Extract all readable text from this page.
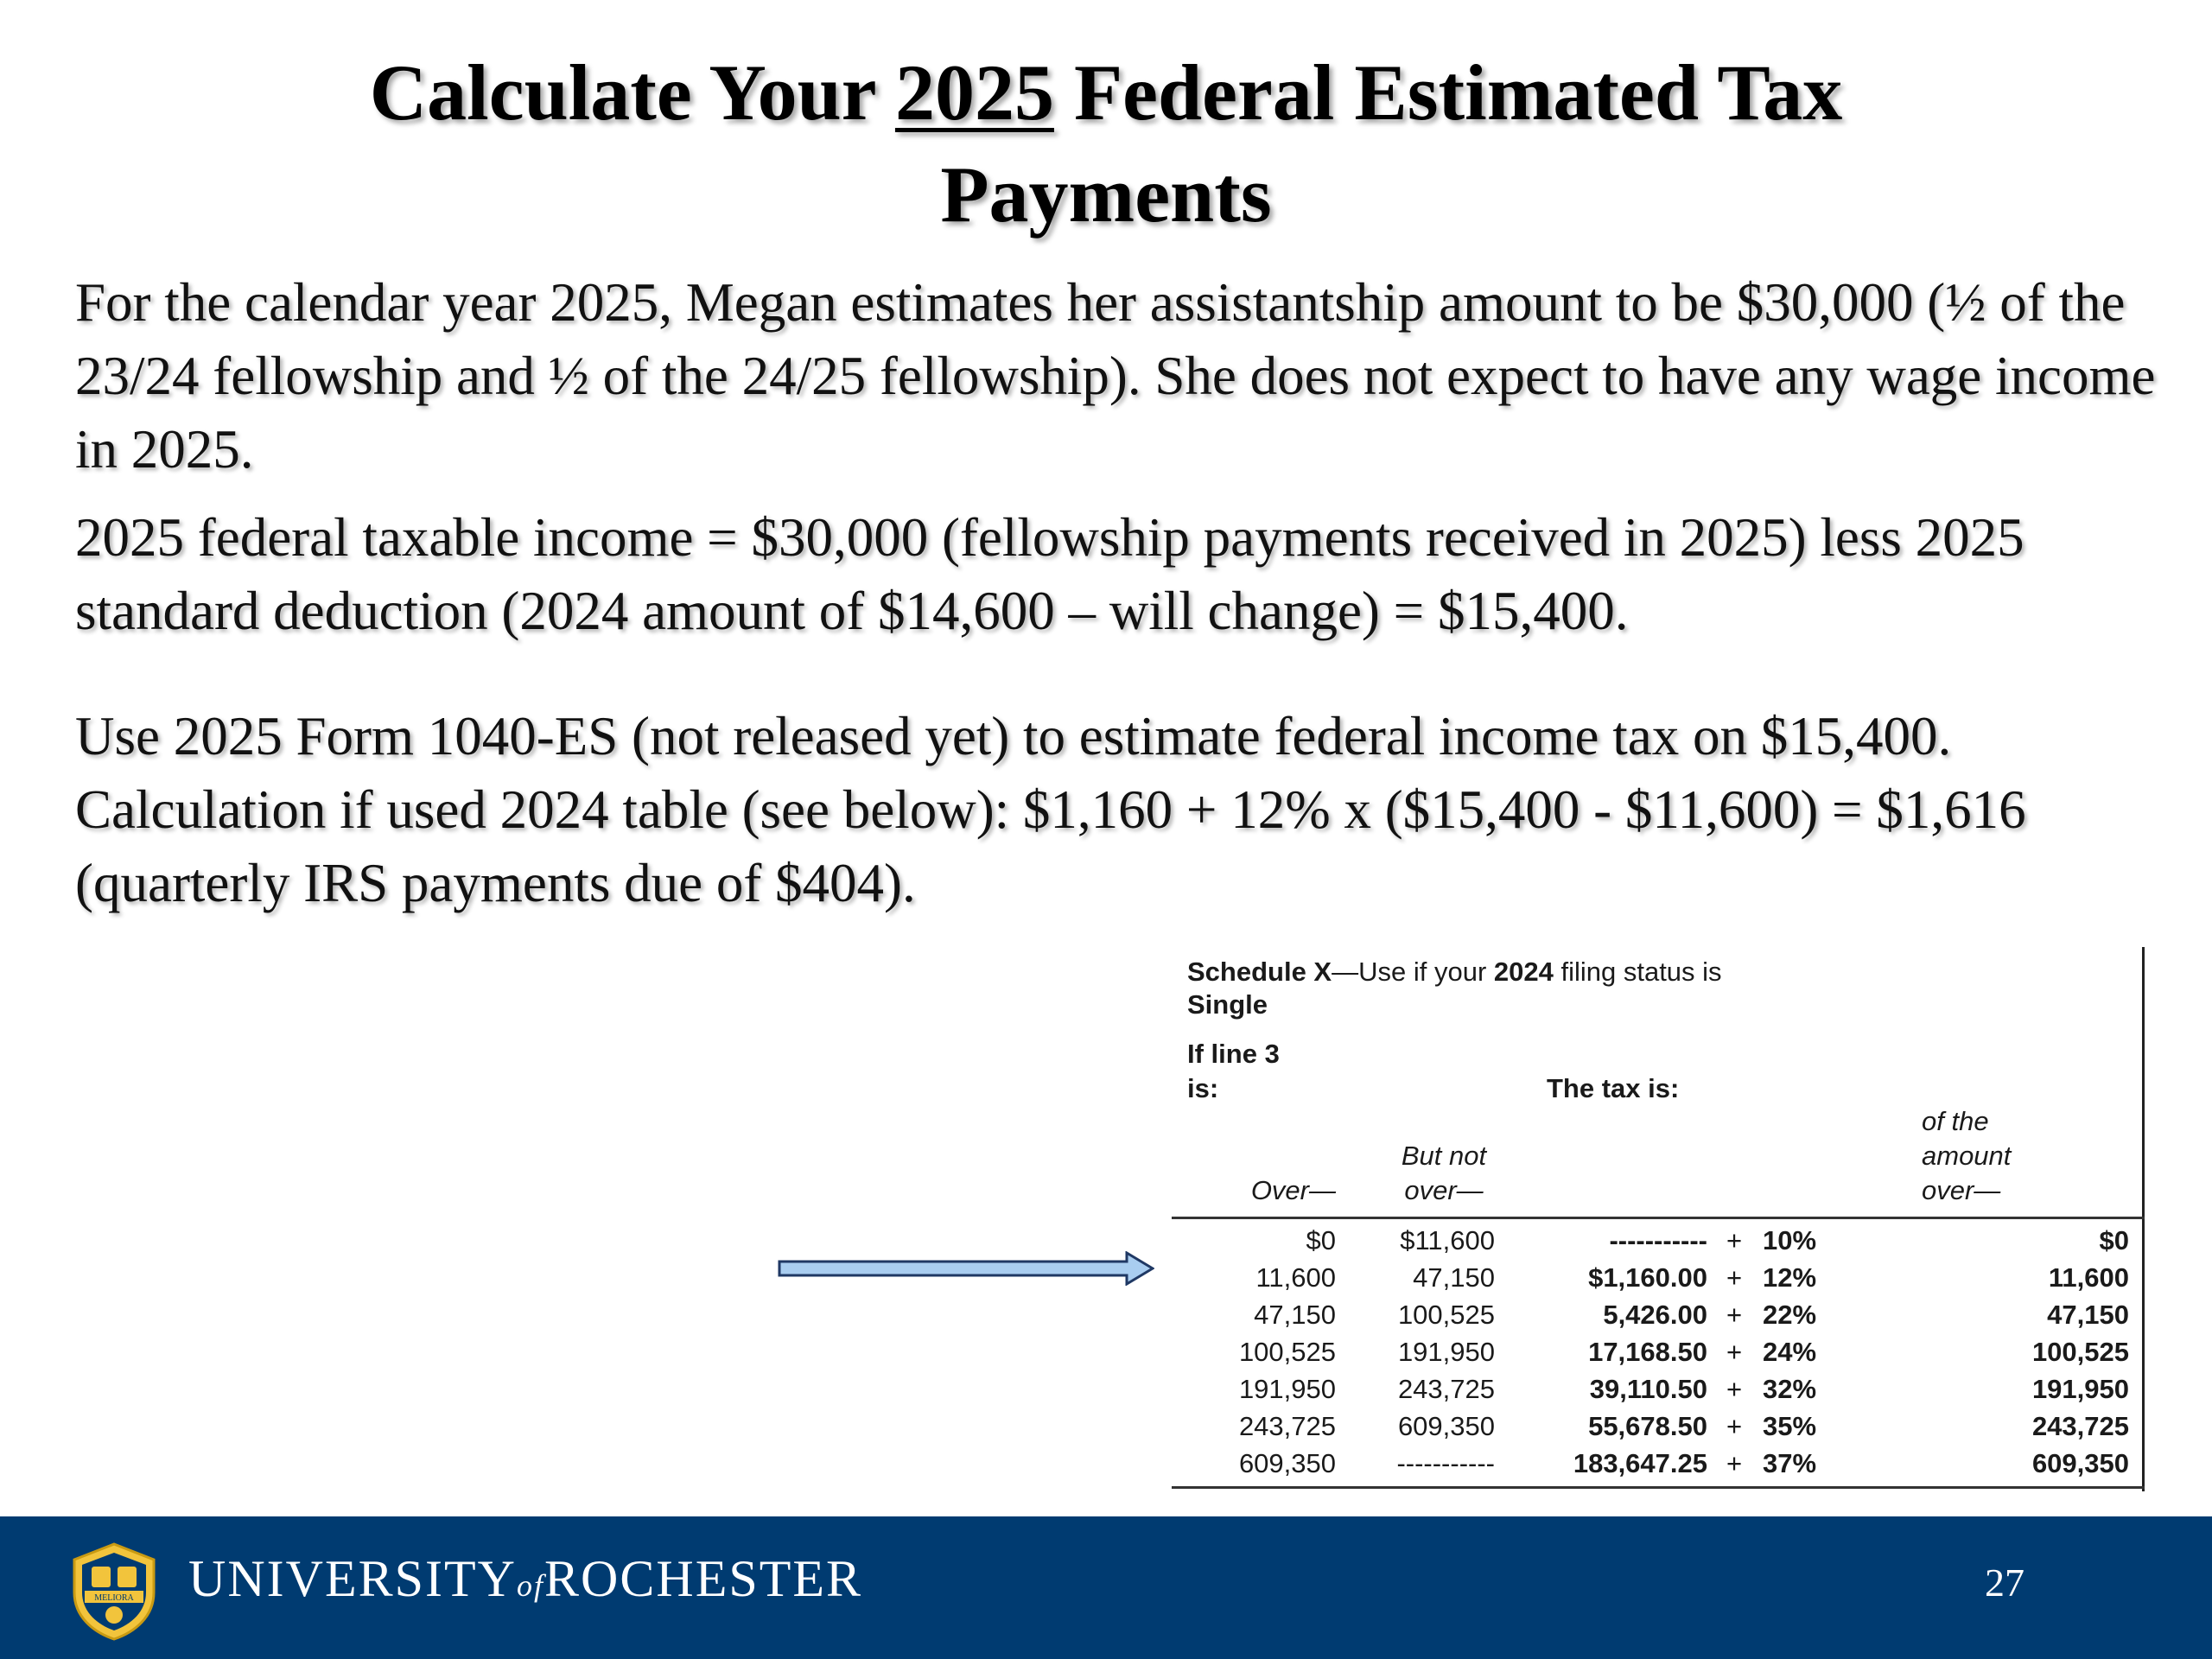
Calculate Your 2025 Federal Estimated Tax
Payments

For the calendar year 2025, Megan estimates her assistantship amount to be $30,000 (½ of the 23/24 fellowship and ½ of the 24/25 fellowship). She does not expect to have any wage income in 2025.

2025 federal taxable income = $30,000 (fellowship payments received in 2025) less 2025 standard deduction (2024 amount of $14,600 – will change) = $15,400.

Use 2025 Form 1040-ES (not released yet) to estimate federal income tax on $15,400. Calculation if used 2024 table (see below): $1,160 + 12% x ($15,400 - $11,600) = $1,616 (quarterly IRS payments due of $404).

Schedule X—Use if your 2024 filing status is
Single
If line 3
is:	The tax is:
Over—
But not
over—
of the
amount
over—
$0	$11,600	----------- + 10%	$0
11,600	47,150	$1,160.00 + 12%	11,600
47,150	100,525	5,426.00 + 22%	47,150
100,525	191,950	17,168.50 + 24%	100,525
191,950	243,725	39,110.50 + 32%	191,950
243,725	609,350	55,678.50 + 35%	243,725
609,350	-----------	183,647.25 + 37%	609,350
MELIORA UNIVERSITYofROCHESTER	27
